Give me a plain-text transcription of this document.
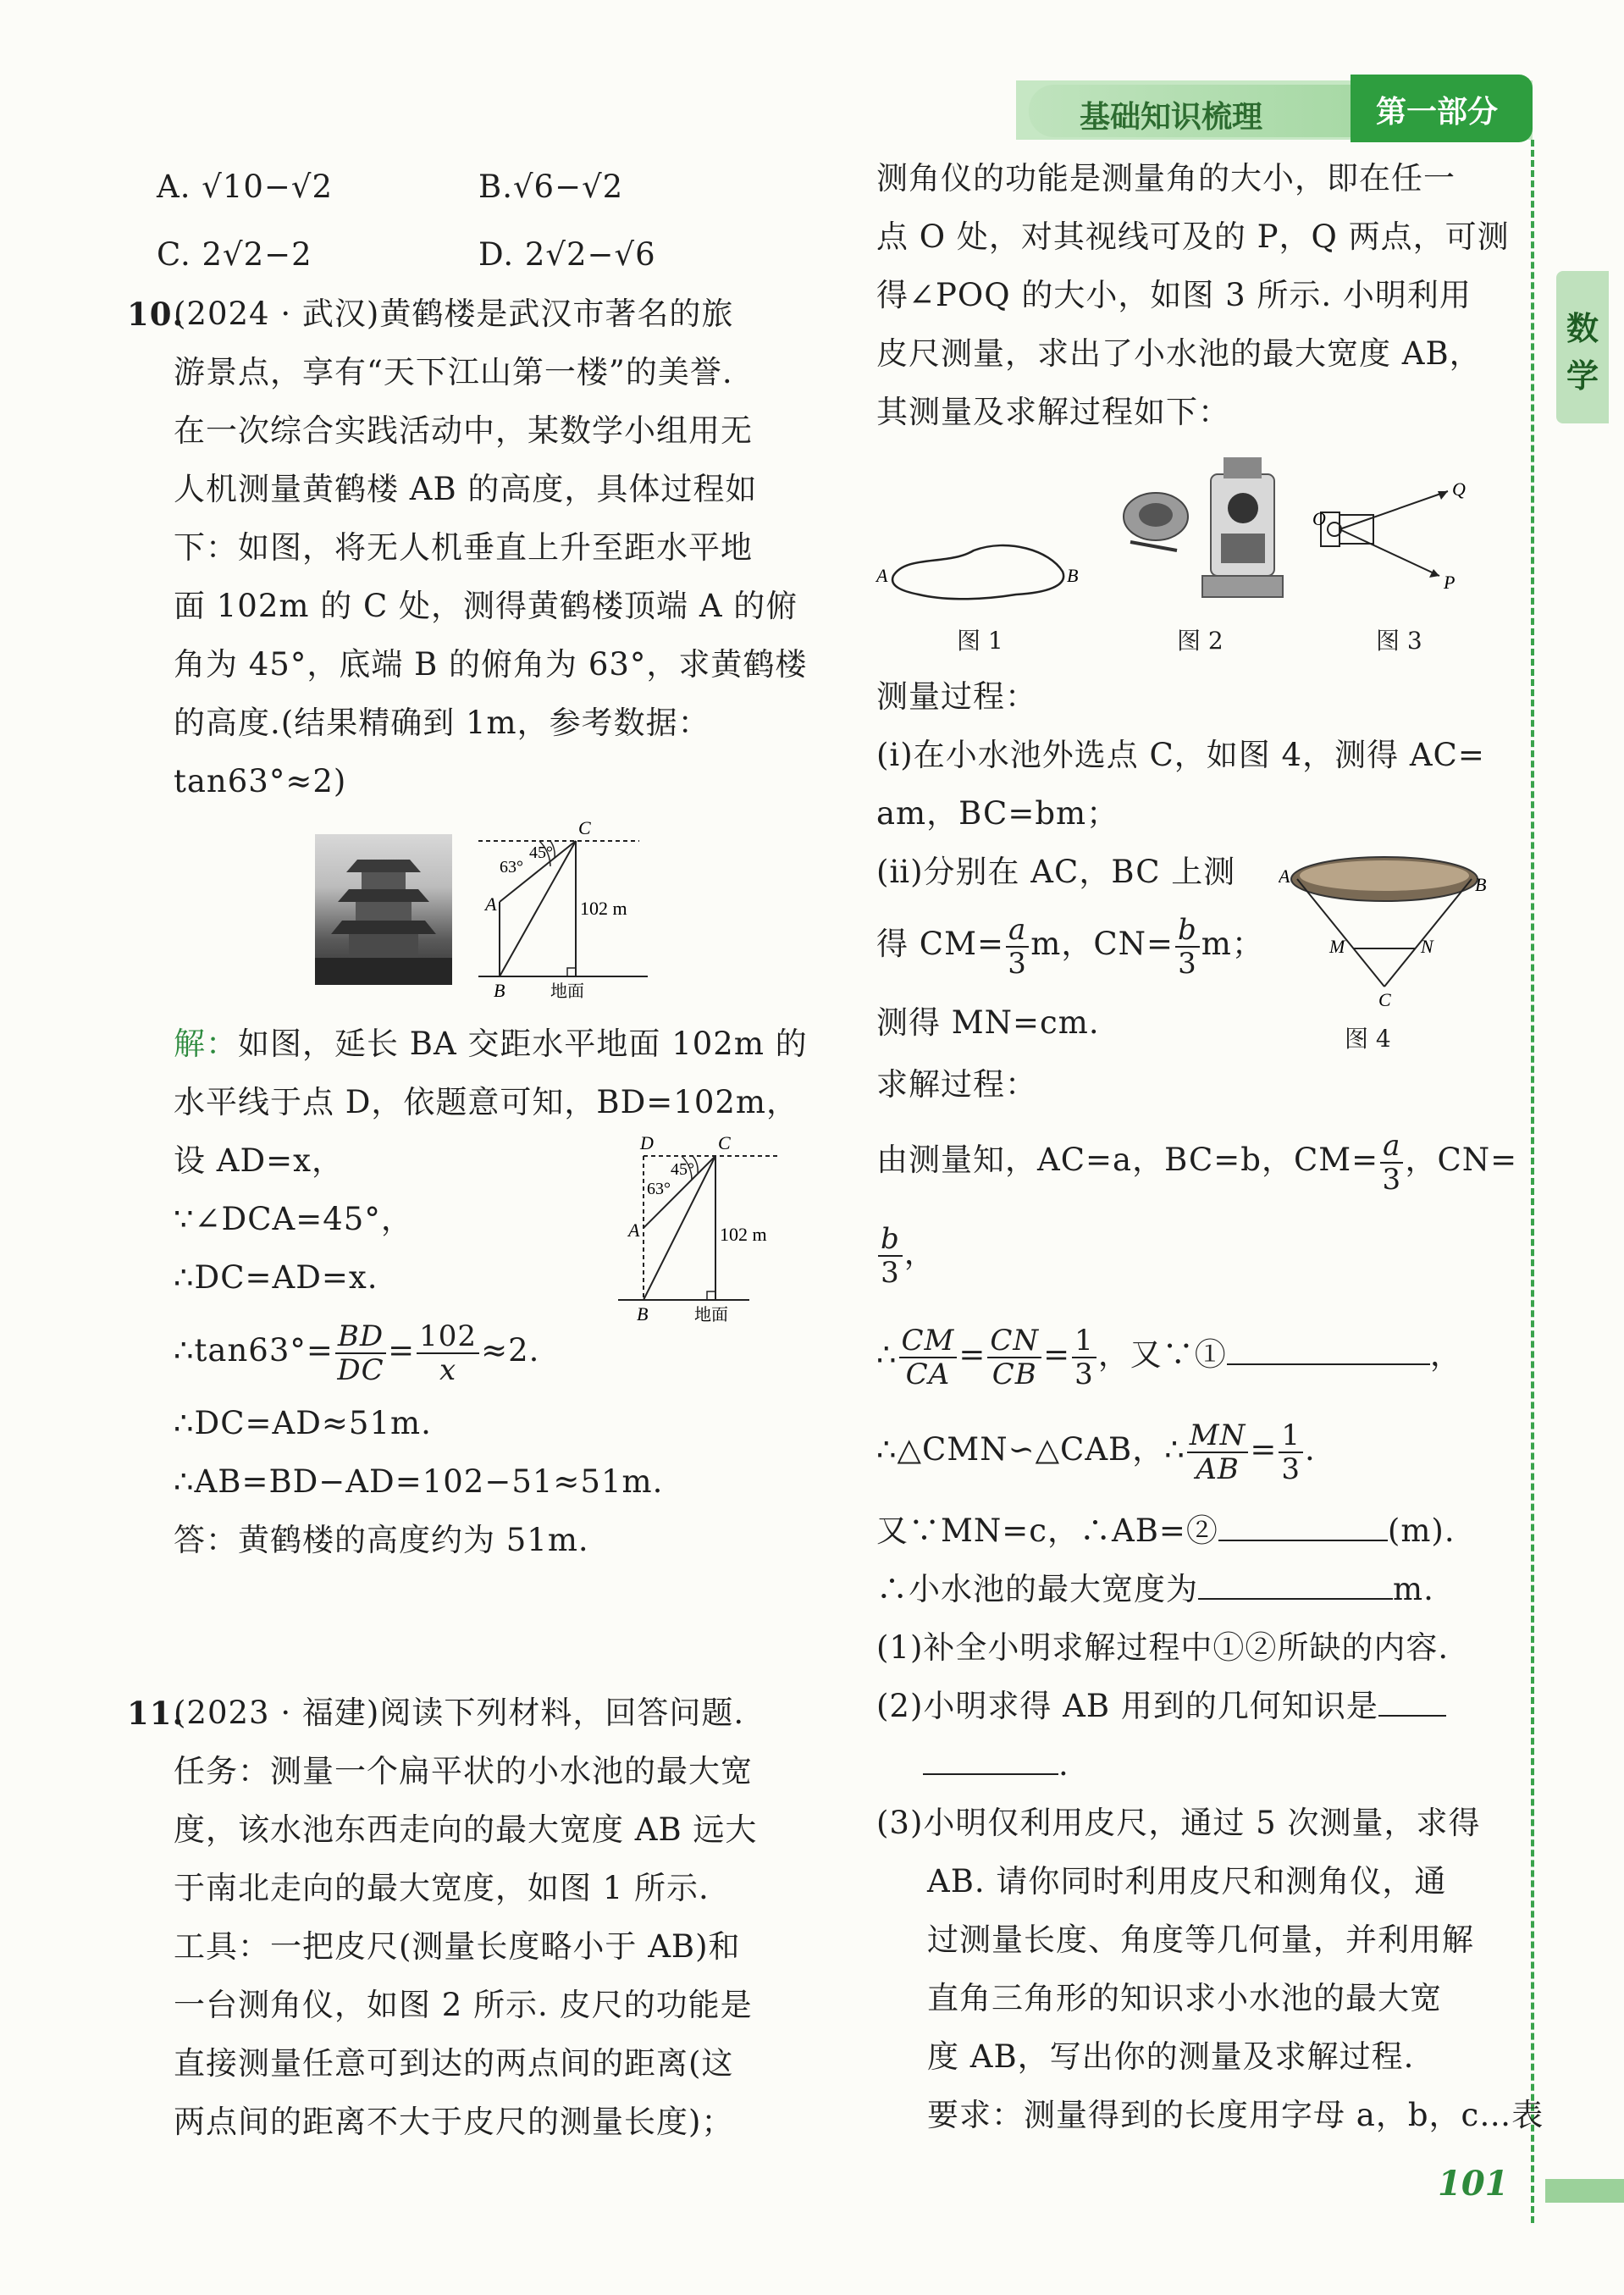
基础知识梳理	第一部分
数学
101
A. √10−√2	B.√6−√2
C. 2√2−2	D. 2√2−√6
10.
(2024 · 武汉)黄鹤楼是武汉市著名的旅
游景点，享有“天下江山第一楼”的美誉.
在一次综合实践活动中，某数学小组用无
人机测量黄鹤楼 AB 的高度，具体过程如
下：如图，将无人机垂直上升至距水平地
面 102m 的 C 处，测得黄鹤楼顶端 A 的俯
角为 45°，底端 B 的俯角为 63°，求黄鹤楼
的高度.(结果精确到 1m，参考数据：
tan63°≈2)
C
A
B
45°
63°
102 m
地面
解：如图，延长 BA 交距水平地面 102m 的
水平线于点 D，依题意可知，BD=102m，
设 AD=x，
∵∠DCA=45°，
∴DC=AD=x.
∴tan63°= $\frac{BD}{DC} = \frac{102}{x} \approx 2$.
∴DC=AD≈51m.
∴AB=BD−AD=102−51≈51m.
答：黄鹤楼的高度约为 51m.
D	C
A
B
45°
63°
102 m
地面
11.
(2023 · 福建)阅读下列材料，回答问题.
任务：测量一个扁平状的小水池的最大宽
度，该水池东西走向的最大宽度 AB 远大
于南北走向的最大宽度，如图 1 所示.
工具：一把皮尺(测量长度略小于 AB)和
一台测角仪，如图 2 所示. 皮尺的功能是
直接测量任意可到达的两点间的距离(这
两点间的距离不大于皮尺的测量长度)；
测角仪的功能是测量角的大小，即在任一
点 O 处，对其视线可及的 P，Q 两点，可测
得∠POQ 的大小，如图 3 所示. 小明利用
皮尺测量，求出了小水池的最大宽度 AB，
其测量及求解过程如下：
A	B
图 1	图 2
O
Q
P
图 3
测量过程：
(ⅰ)在小水池外选点 C，如图 4，测得 AC=
am，BC=bm；
(ⅱ)分别在 AC，BC 上测
得 $CM= \frac{a}{3}$ m，$CN= \frac{b}{3}$ m；
测得 MN=cm.
A	B
M	N
C
图 4
求解过程：
由测量知，AC=a，BC=b，$CM= \frac{a}{3}$ ，CN=
$\frac{b}{3}$ ，
∴ $\frac{CM}{CA} = \frac{CN}{CB} = \frac{1}{3}$ ，又∵①	，
∴△CMN∽△CAB，∴ $\frac{MN}{AB} = \frac{1}{3}$ .
又∵MN=c，∴AB=②	(m).
∴小水池的最大宽度为	m.
(1)补全小明求解过程中①②所缺的内容.
(2)小明求得 AB 用到的几何知识是
.
(3)小明仅利用皮尺，通过 5 次测量，求得
AB. 请你同时利用皮尺和测角仪，通
过测量长度、角度等几何量，并利用解
直角三角形的知识求小水池的最大宽
度 AB，写出你的测量及求解过程.
要求：测量得到的长度用字母 a，b，c…表
